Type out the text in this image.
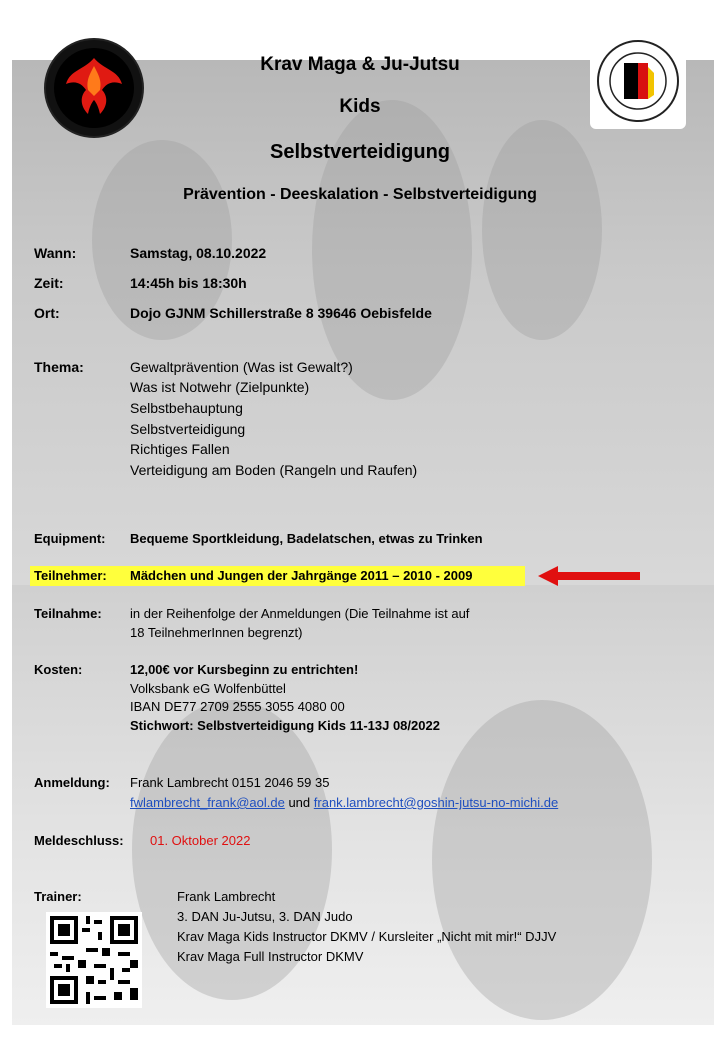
Krav Maga & Ju-Jutsu
Kids
Selbstverteidigung
Prävention - Deeskalation - Selbstverteidigung
Wann:	Samstag, 08.10.2022
Zeit:	14:45h bis 18:30h
Ort:	Dojo GJNM Schillerstraße 8 39646 Oebisfelde
Thema:	Gewaltprävention (Was ist Gewalt?)
Was ist Notwehr (Zielpunkte)
Selbstbehauptung
Selbstverteidigung
Richtiges Fallen
Verteidigung am Boden (Rangeln und Raufen)
Equipment: Bequeme Sportkleidung, Badelatschen, etwas zu Trinken
Teilnehmer: Mädchen und Jungen der Jahrgänge 2011 – 2010 - 2009
Teilnahme: in der Reihenfolge der Anmeldungen (Die Teilnahme ist auf
18 TeilnehmerInnen begrenzt)
Kosten:	12,00€ vor Kursbeginn zu entrichten!
Volksbank eG Wolfenbüttel
IBAN DE77 2709 2555 3055 4080 00
Stichwort: Selbstverteidigung Kids 11-13J 08/2022
Anmeldung: Frank Lambrecht 0151 2046 59 35
fwlambrecht_frank@aol.de und frank.lambrecht@goshin-jutsu-no-michi.de
Meldeschluss: 01. Oktober 2022
Trainer:	Frank Lambrecht
3. DAN Ju-Jutsu, 3. DAN Judo
Krav Maga Kids Instructor DKMV / Kursleiter „Nicht mit mir!“ DJJV
Krav Maga Full Instructor DKMV
